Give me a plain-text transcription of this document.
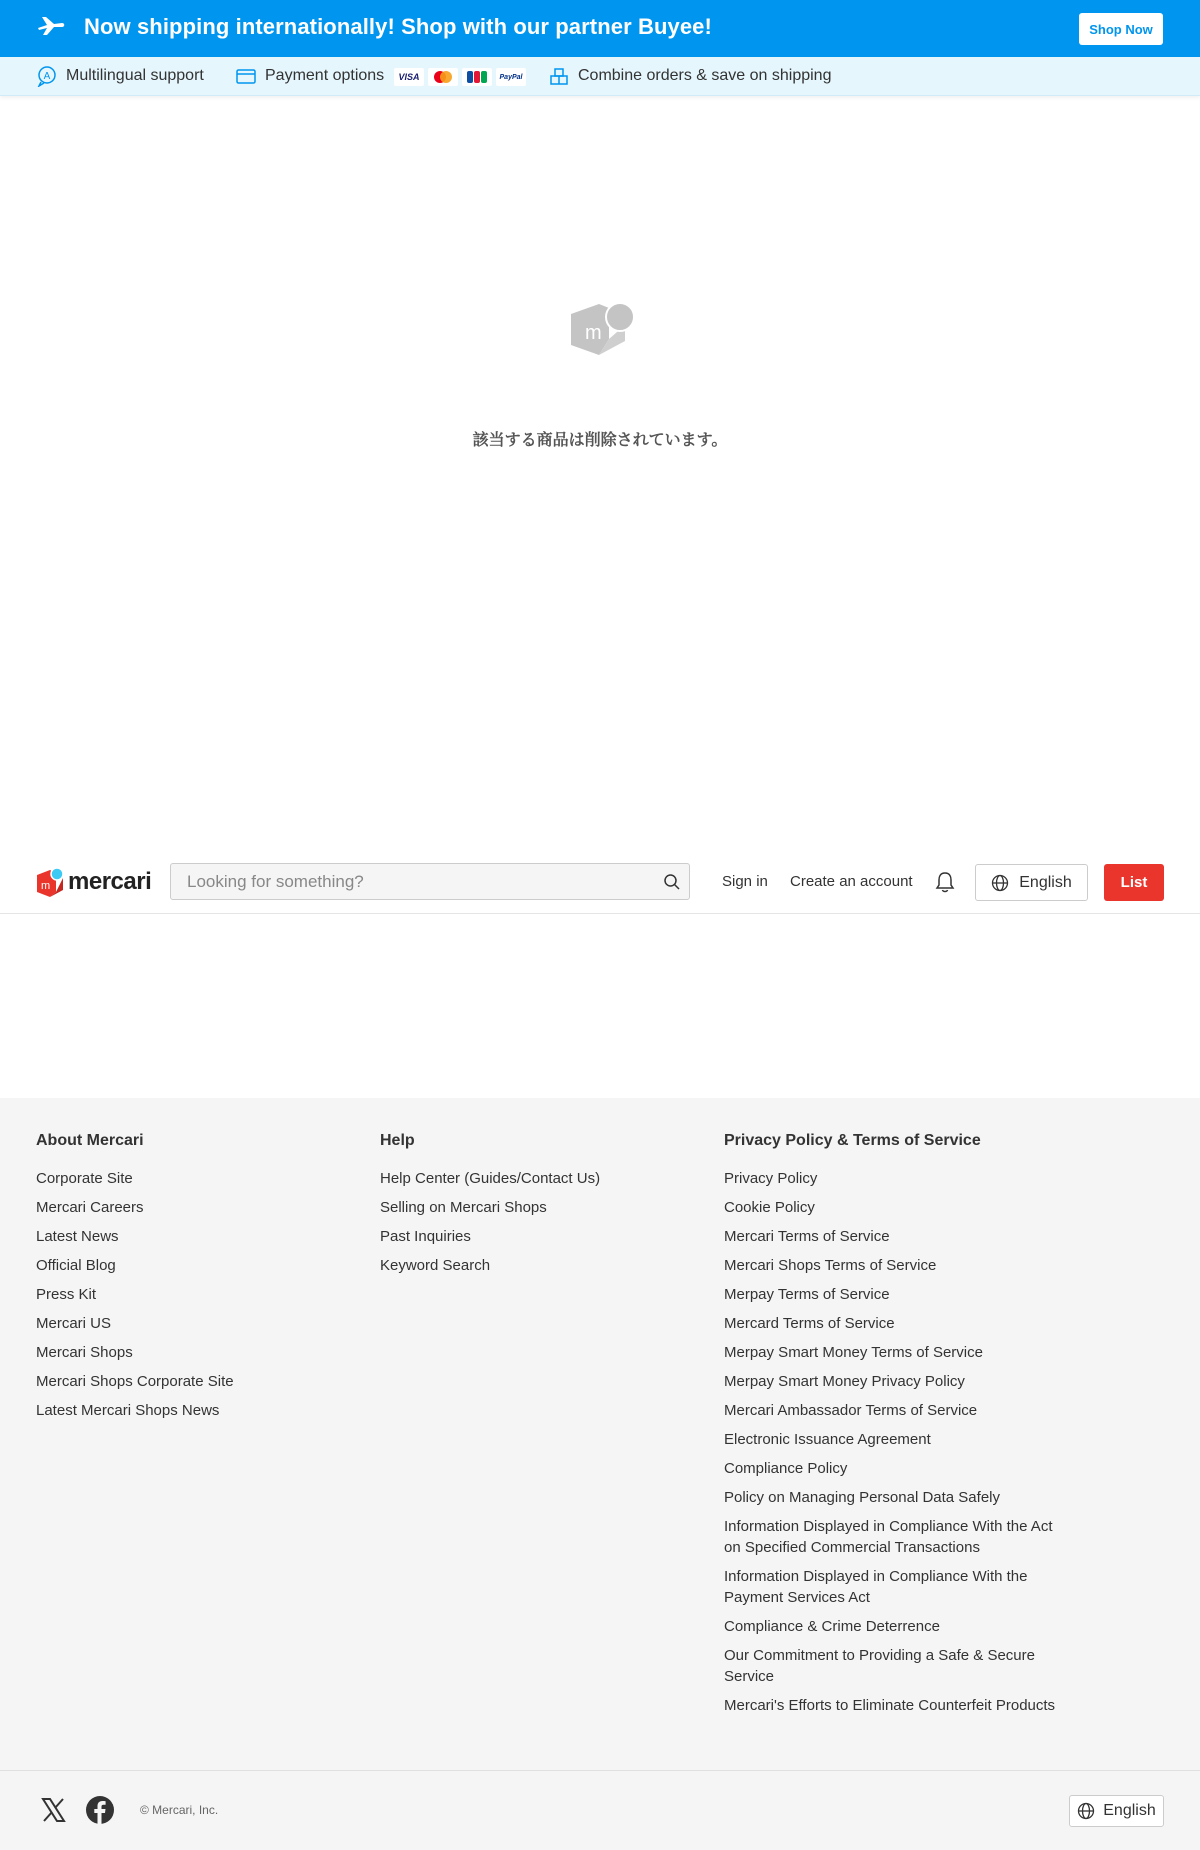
Now shipping internationally! Shop with our partner Buyee!	Shop Now
A Multilingual support	Payment options	Combine orders & save on shipping
VISA	PayPal
m
該当する商品は削除されています。
m mercari
Looking for something?	Sign in Create an account	English	List
About Mercari
Corporate Site
Mercari Careers
Latest News
Official Blog
Press Kit
Mercari US
Mercari Shops
Mercari Shops Corporate Site
Latest Mercari Shops News
Help
Help Center (Guides/Contact Us)
Selling on Mercari Shops
Past Inquiries
Keyword Search
Privacy Policy & Terms of Service
Privacy Policy
Cookie Policy
Mercari Terms of Service
Mercari Shops Terms of Service
Merpay Terms of Service
Mercard Terms of Service
Merpay Smart Money Terms of Service
Merpay Smart Money Privacy Policy
Mercari Ambassador Terms of Service
Electronic Issuance Agreement
Compliance Policy
Policy on Managing Personal Data Safely
Information Displayed in Compliance With the Act on Specified Commercial Transactions
Information Displayed in Compliance With the Payment Services Act
Compliance & Crime Deterrence
Our Commitment to Providing a Safe & Secure Service
Mercari's Efforts to Eliminate Counterfeit Products
© Mercari, Inc.	English
